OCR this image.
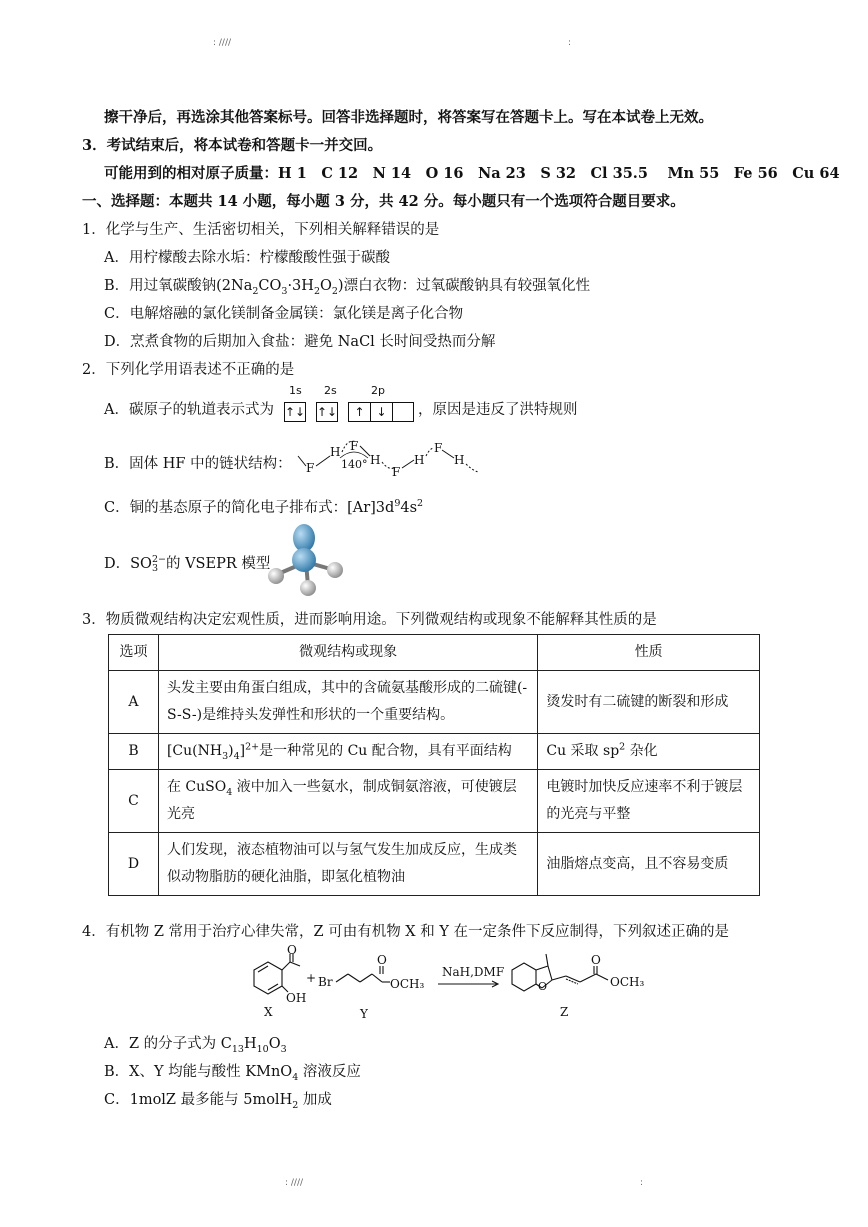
: ////	:
擦干净后，再选涂其他答案标号。回答非选择题时，将答案写在答题卡上。写在本试卷上无效。
3．考试结束后，将本试卷和答题卡一并交回。
可能用到的相对原子质量：H 1　C 12　N 14　O 16　Na 23　S 32　Cl 35.5　 Mn 55　Fe 56　Cu 64
一、选择题：本题共 14 小题，每小题 3 分，共 42 分。每小题只有一个选项符合题目要求。
1．化学与生产、生活密切相关，下列相关解释错误的是
A．用柠檬酸去除水垢：柠檬酸酸性强于碳酸
B．用过氧碳酸钠$(2Na_2CO_3\cdot 3H_2O_2)$漂白衣物：过氧碳酸钠具有较强氧化性
C．电解熔融的氯化镁制备金属镁：氯化镁是离子化合物
D．烹煮食物的后期加入食盐：避免 NaCl 长时间受热而分解
2．下列化学用语表述不正确的是
A．碳原子的轨道表示式为
1s 2s	2p
↑↓ ↑↓	↑ ↓	，原因是违反了洪特规则
B．固体 HF 中的链状结构： F
H F
140° H
F
H
F
H
C．铜的基态原子的简化电子排布式：$[Ar]3d^94s^2$
D．SO 2−
3 的 VSEPR 模型
3．物质微观结构决定宏观性质，进而影响用途。下列微观结构或现象不能解释其性质的是
选项	微观结构或现象	性质
A	头发主要由角蛋白组成，其中的含硫氨基酸形成的二硫键(-S-S-)是维持头发弹性和形状的一个重要结构。	烫发时有二硫键的断裂和形成
B	$[Cu(NH_3)_4]^{2+}$是一种常见的 Cu 配合物，具有平面结构	Cu 采取 $sp^2$ 杂化
C	在 CuSO$_4$ 液中加入一些氨水，制成铜氨溶液，可使镀层光亮	电镀时加快反应速率不利于镀层的光亮与平整
D	人们发现，液态植物油可以与氢气发生加成反应，生成类似动物脂肪的硬化油脂，即氢化植物油	油脂熔点变高，且不容易变质
4．有机物 Z 常用于治疗心律失常，Z 可由有机物 X 和 Y 在一定条件下反应制得，下列叙述正确的是
O
OH
X
+ Br
O
OCH₃
Y
NaH,DMF
O
O
OCH₃
Z
A．Z 的分子式为 $C_{13}H_{10}O_3$
B．X、Y 均能与酸性 KMnO$_4$ 溶液反应
C．1molZ 最多能与 5molH$_2$ 加成
: ////	:
